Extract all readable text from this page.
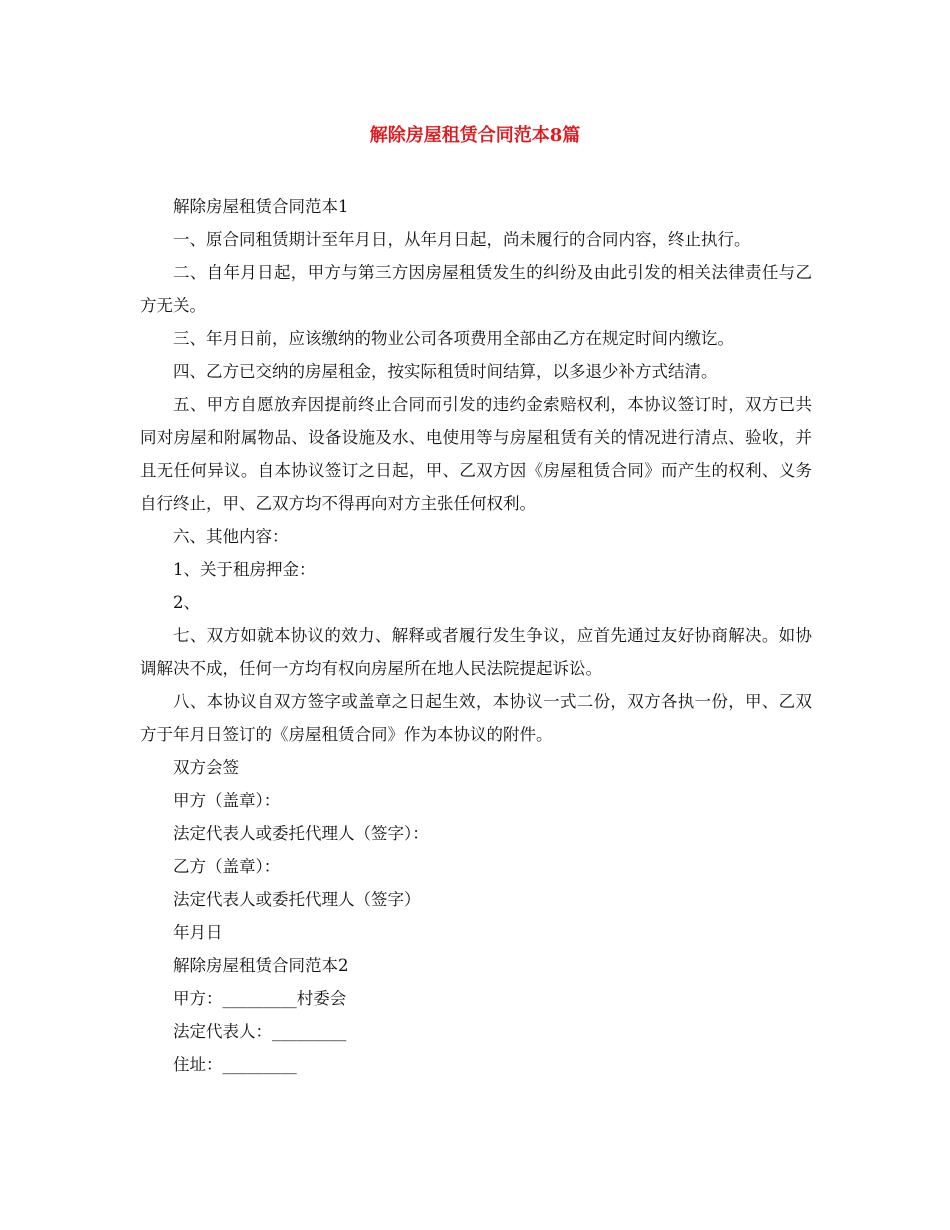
解除房屋租赁合同范本8篇

解除房屋租赁合同范本1

一、原合同租赁期计至年月日，从年月日起，尚未履行的合同内容，终止执行。

二、自年月日起，甲方与第三方因房屋租赁发生的纠纷及由此引发的相关法律责任与乙方无关。

三、年月日前，应该缴纳的物业公司各项费用全部由乙方在规定时间内缴讫。

四、乙方已交纳的房屋租金，按实际租赁时间结算，以多退少补方式结清。

五、甲方自愿放弃因提前终止合同而引发的违约金索赔权利，本协议签订时，双方已共同对房屋和附属物品、设备设施及水、电使用等与房屋租赁有关的情况进行清点、验收，并且无任何异议。自本协议签订之日起，甲、乙双方因《房屋租赁合同》而产生的权利、义务自行终止，甲、乙双方均不得再向对方主张任何权利。

六、其他内容：

1、关于租房押金：

2、

七、双方如就本协议的效力、解释或者履行发生争议，应首先通过友好协商解决。如协调解决不成，任何一方均有权向房屋所在地人民法院提起诉讼。

八、本协议自双方签字或盖章之日起生效，本协议一式二份，双方各执一份，甲、乙双方于年月日签订的《房屋租赁合同》作为本协议的附件。

双方会签

甲方（盖章）：

法定代表人或委托代理人（签字）：

乙方（盖章）：

法定代表人或委托代理人（签字）

年月日

解除房屋租赁合同范本2

甲方：_________村委会

法定代表人：_________

住址：_________
